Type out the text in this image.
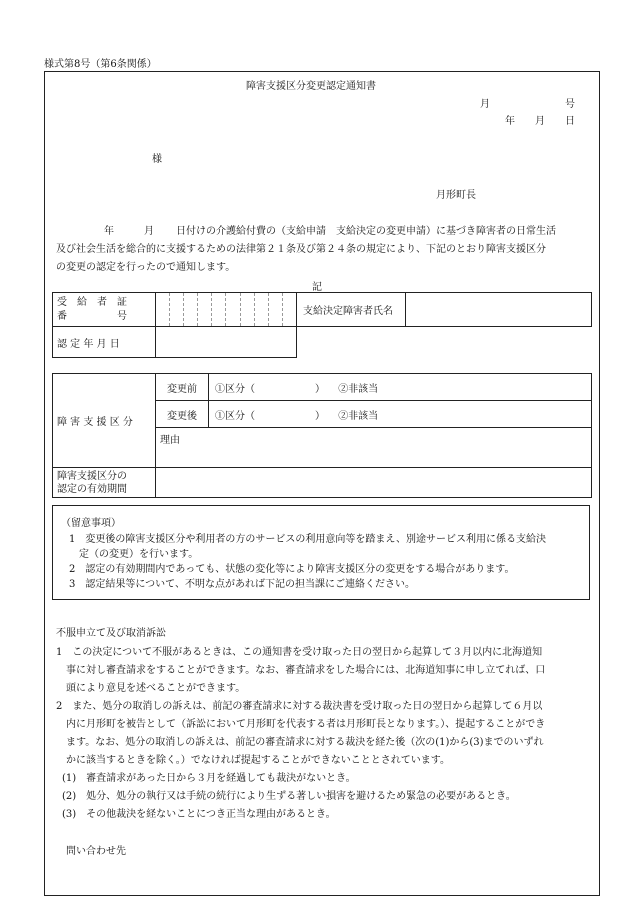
様式第8号（第6条関係）
障害支援区分変更認定通知書
月	号
年 月 日
様
月形町長
年	月 日付けの介護給付費の（支給申請　支給決定の変更申請）に基づき障害者の日常生活
及び社会生活を総合的に支援するための法律第２１条及び第２４条の規定により、下記のとおり障害支援区分
の変更の認定を行ったので通知します。
記
受　給　者　証
番　　　　　号		支給決定障害者氏名	
認 定 年 月 日			
障 害 支 援 区 分	変更前	①区分（　　　　　　） ②非該当
	変更後	①区分（　　　　　　） ②非該当
	理由	

障害支援区分の
認定の有効期間		

（留意事項）
1　変更後の障害支援区分や利用者の方のサービスの利用意向等を踏まえ、別途サービス利用に係る支給決
　定（の変更）を行います。
2　認定の有効期間内であっても、状態の変化等により障害支援区分の変更をする場合があります。
3　認定結果等について、不明な点があれば下記の担当課にご連絡ください。
不服申立て及び取消訴訟
1　この決定について不服があるときは、この通知書を受け取った日の翌日から起算して３月以内に北海道知
　事に対し審査請求をすることができます。なお、審査請求をした場合には、北海道知事に申し立てれば、口
　頭により意見を述べることができます。
2　また、処分の取消しの訴えは、前記の審査請求に対する裁決書を受け取った日の翌日から起算して６月以
　内に月形町を被告として（訴訟において月形町を代表する者は月形町長となります。）、提起することができ
　ます。なお、処分の取消しの訴えは、前記の審査請求に対する裁決を経た後（次の(1)から(3)までのいずれ
　かに該当するときを除く。）でなければ提起することができないこととされています。
(1)　審査請求があった日から３月を経過しても裁決がないとき。
(2)　処分、処分の執行又は手続の続行により生ずる著しい損害を避けるため緊急の必要があるとき。
(3)　その他裁決を経ないことにつき正当な理由があるとき。
問い合わせ先
